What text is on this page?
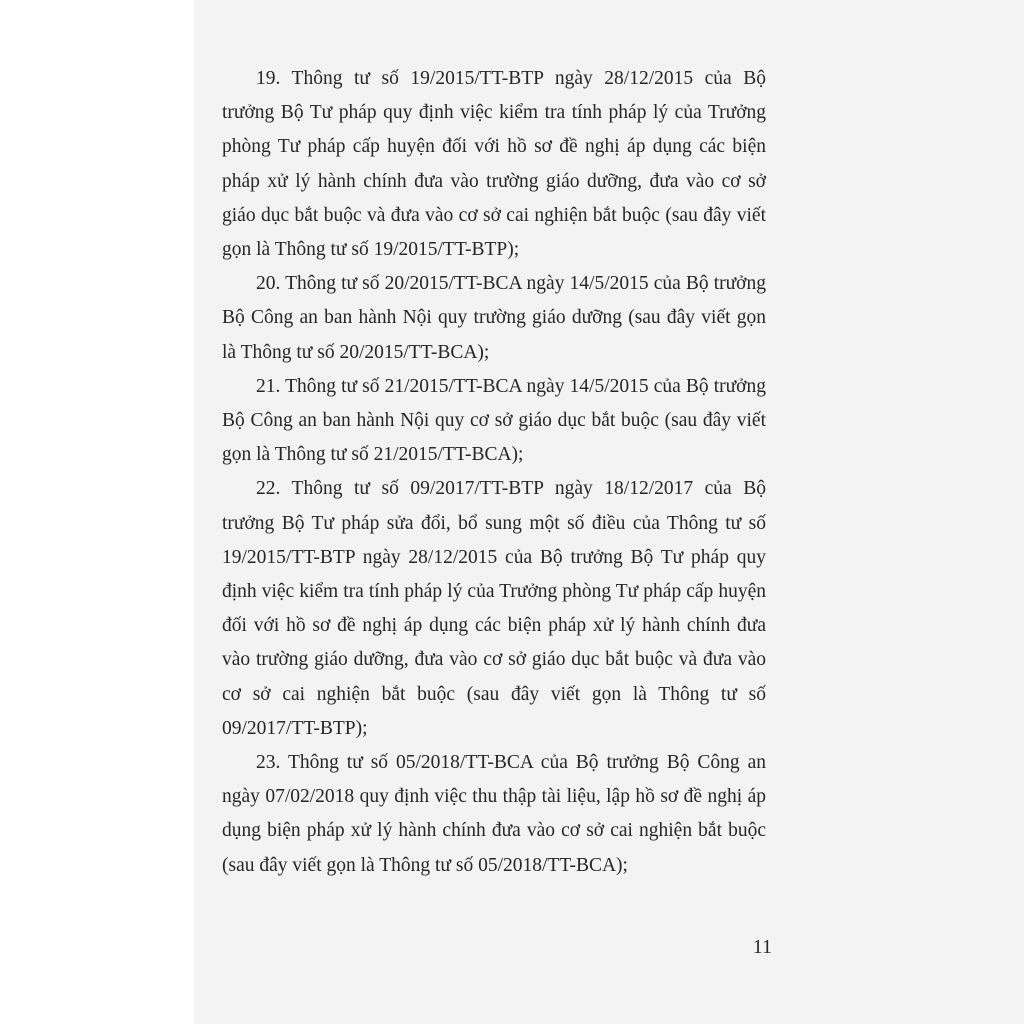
19. Thông tư số 19/2015/TT-BTP ngày 28/12/2015 của Bộ trưởng Bộ Tư pháp quy định việc kiểm tra tính pháp lý của Trưởng phòng Tư pháp cấp huyện đối với hồ sơ đề nghị áp dụng các biện pháp xử lý hành chính đưa vào trường giáo dưỡng, đưa vào cơ sở giáo dục bắt buộc và đưa vào cơ sở cai nghiện bắt buộc (sau đây viết gọn là Thông tư số 19/2015/TT-BTP);

20. Thông tư số 20/2015/TT-BCA ngày 14/5/2015 của Bộ trưởng Bộ Công an ban hành Nội quy trường giáo dưỡng (sau đây viết gọn là Thông tư số 20/2015/TT-BCA);

21. Thông tư số 21/2015/TT-BCA ngày 14/5/2015 của Bộ trưởng Bộ Công an ban hành Nội quy cơ sở giáo dục bắt buộc (sau đây viết gọn là Thông tư số 21/2015/TT-BCA);

22. Thông tư số 09/2017/TT-BTP ngày 18/12/2017 của Bộ trưởng Bộ Tư pháp sửa đổi, bổ sung một số điều của Thông tư số 19/2015/TT-BTP ngày 28/12/2015 của Bộ trưởng Bộ Tư pháp quy định việc kiểm tra tính pháp lý của Trưởng phòng Tư pháp cấp huyện đối với hồ sơ đề nghị áp dụng các biện pháp xử lý hành chính đưa vào trường giáo dưỡng, đưa vào cơ sở giáo dục bắt buộc và đưa vào cơ sở cai nghiện bắt buộc (sau đây viết gọn là Thông tư số 09/2017/TT-BTP);

23. Thông tư số 05/2018/TT-BCA của Bộ trưởng Bộ Công an ngày 07/02/2018 quy định việc thu thập tài liệu, lập hồ sơ đề nghị áp dụng biện pháp xử lý hành chính đưa vào cơ sở cai nghiện bắt buộc (sau đây viết gọn là Thông tư số 05/2018/TT-BCA);

11
